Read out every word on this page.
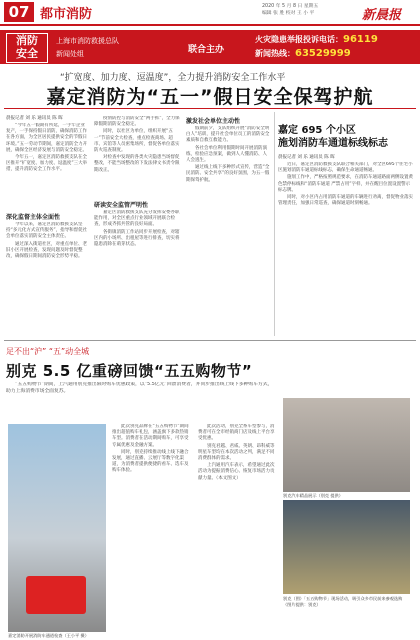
07 都市消防
2020 年 5 月 8 日 星期五
编辑 张 胜 校对 王 小 平	新晨报
消防
安全
上海市消防救援总队
新闻处组	联合主办
火灾隐患举报投诉电话：96119
新闻热线：63529999
“扩宽度、加力度、逗温度”，全力提升消防安全工作水平
嘉定消防为“五一”假日安全保驾护航
晨报记者 刘 乐 通讯员 陈 晖

“今年五一假期有所延，一手牢企业复产，一手保持假日消防，确保消防工作在各方面，为全区居民提供安全的节假日环境。”五一劳动节期间，嘉定消防全力开展，确保全区经济发展与消防安全稳定。

今年五一，嘉定区消防救援支队在全区推开“扩宽度、加力度、逗温度”三大举措，提升消防安全工作水平。

深化监督主体全面性

今年以来，嘉定区消防救援支队坚持“多元化方式宣传服务”，指导和督促社会单位落实消防安全主体责任。

通过深入街道社区，对重点单位、老旧小区开展检查，发现问题及时督促整改，确保假日期间消防安全形势平稳。

疫情防控与消防安全“两手抓”，全力保障假期消防安全稳定。

同时，以社区为单位，组织开展“五一”节前安全大检查，重点检查商场、超市、宾馆等人员密集场所，督促各单位落实防火巡查制度。

对检查中发现的各类火灾隐患当场督促整改，不能当场整改的下发法律文书责令限期改正。

研读安全监管严明性

嘉定区消防救援支队充分发挥安委办职能作用，对全区重点行业领域开展联合检查，形成齐抓共管的良好局面。

各街镇消防工作站同步开展检查，对辖区内的小场所、出租屋等进行排查，切实将隐患消除在萌芽状态。

激发社会单位主动性

假期前夕，支队组织开展“消防安全明白人”培训，提升社会单位员工的消防安全素质和自救互救能力。

各社会单位利用假期时间开展消防演练，检验应急预案，做到人人懂消防、人人会逃生。

通过线上线下多种形式宣传，营造“全民消防、安全共享”的良好氛围，为五一假期保驾护航。

嘉定 695 个小区
施划消防车通道标线标志
晨报记者 刘 乐 通讯员 陈 晖

近日，嘉定区消防救援支队联合相关部门，对全区695个住宅小区施划消防车通道标线标志，确保生命通道畅通。

施划工作中，严格按照规范要求，在消防车通道路面两侧设置黄色禁停标线和“消防车通道 严禁占用”字样，并在醒目位置设置警示标志牌。

同时，对小区内占用消防车通道的车辆进行劝离，督促物业落实管理责任，加强日常巡查，确保通道时刻畅通。

足不出“沪” “五”动全城
别克 5.5 亿重磅回馈“五五购物节”

“五五购物节”期间，上汽通用别克推出限时购车优惠政策，以“5.5亿元”回馈消费者，并同步推出线上线下多种购车方式，助力上海消费市场全面复苏。

嘉定消防开展消防车通道检查（王小平 摄）

此次别克品牌在“五五购物节”期间推出超值购车礼包，涵盖旗下多款热销车型。消费者在活动期间购车，可享受专属优惠及金融方案。

同时，别克持续推动线上线下融合发展，通过直播、云展厅等数字化渠道，为消费者提供便捷的看车、选车及购车体验。

此次活动，别克全系车型参与，消费者可在全市经销商门店及线上平台享受优惠。

别克君越、君威、英朗、昂科威等明星车型均在本次活动之列，满足不同消费群体的需求。

上汽通用汽车表示，希望通过此次活动为提振消费信心、恢复市场活力贡献力量。（本文图文）

别克汽车精品展示（别克 提供）
别克（图）「五五购物节」现场活动，吸引众多市民前来参观选购（图片提供：别克）
